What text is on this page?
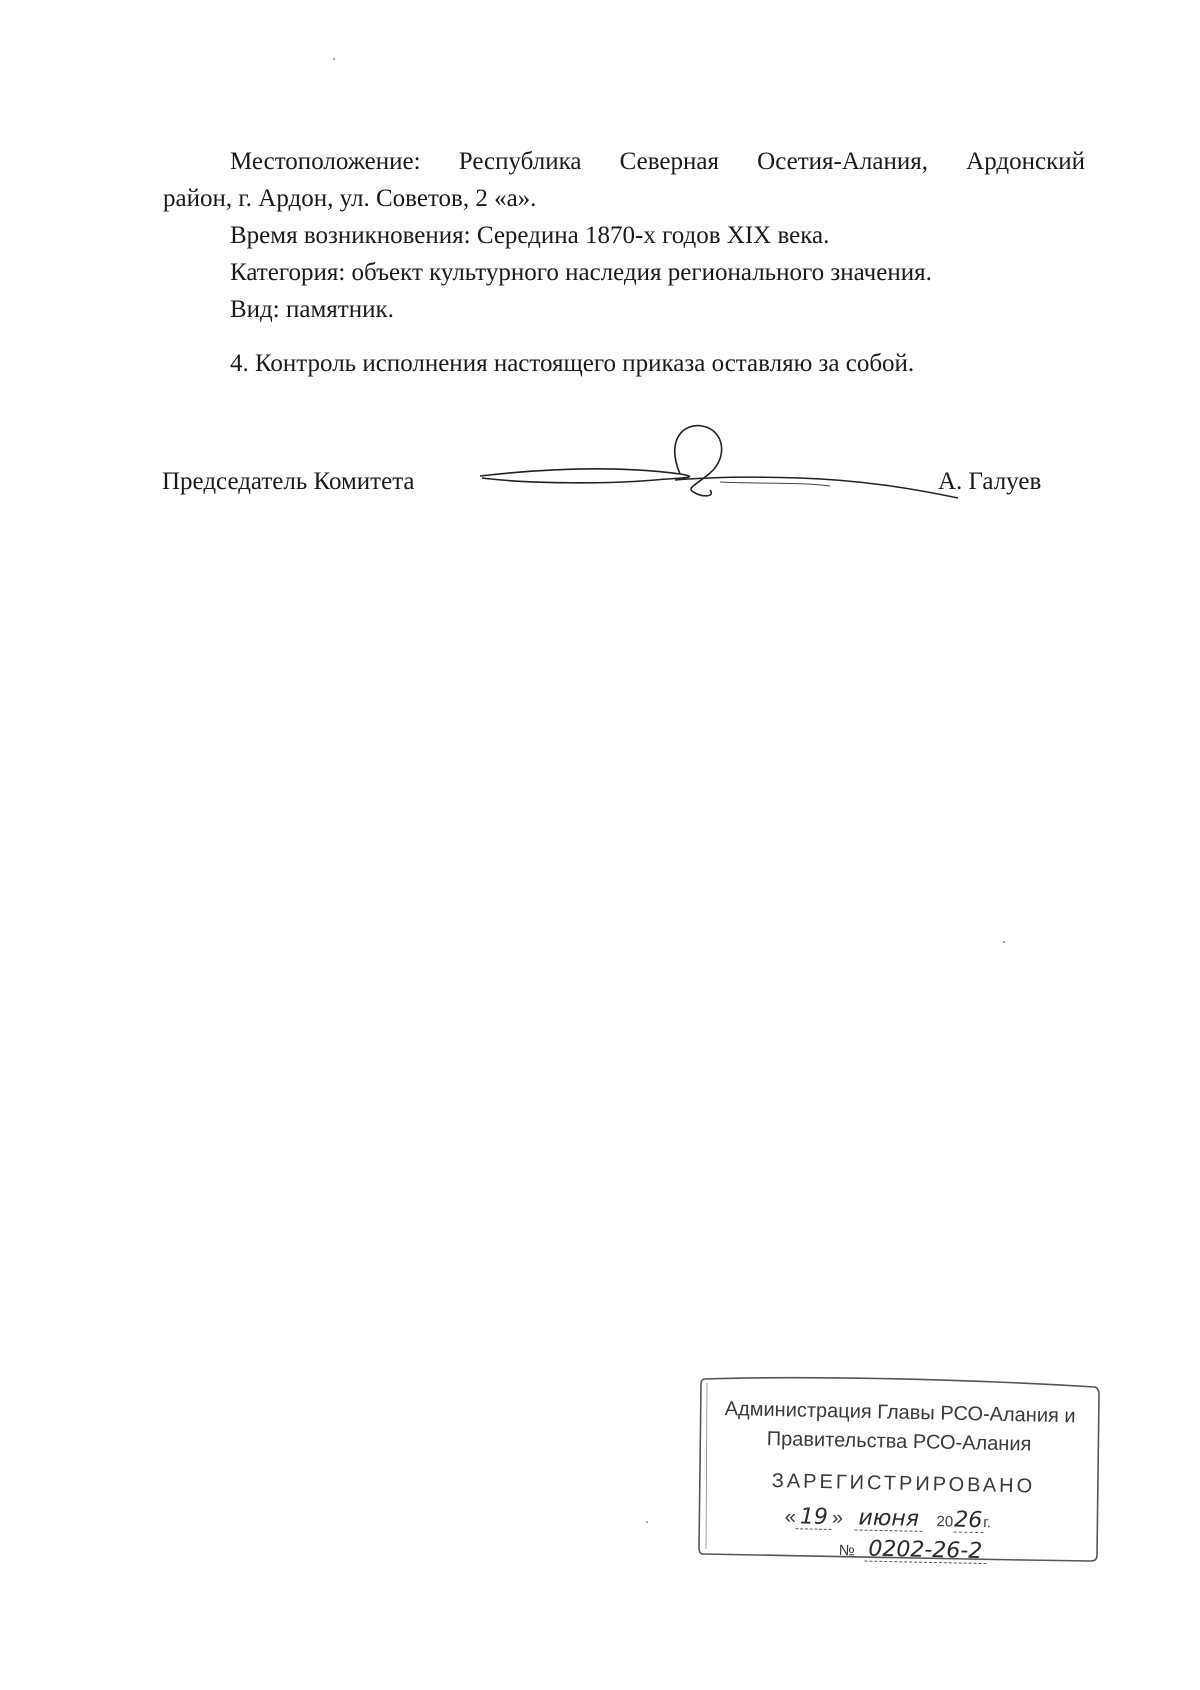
Местоположение: Республика Северная Осетия-Алания, Ардонский
район, г. Ардон, ул. Советов, 2 «а».
Время возникновения: Середина 1870-х годов XIX века.
Категория: объект культурного наследия регионального значения.
Вид: памятник.
4. Контроль исполнения настоящего приказа оставляю за собой.
Председатель Комитета	А. Галуев
Администрация Главы РСО-Алания и
Правительства РСО-Алания
ЗАРЕГИСТРИРОВАНО
« 19 » июня 2026г.
№ 0202-26-2
